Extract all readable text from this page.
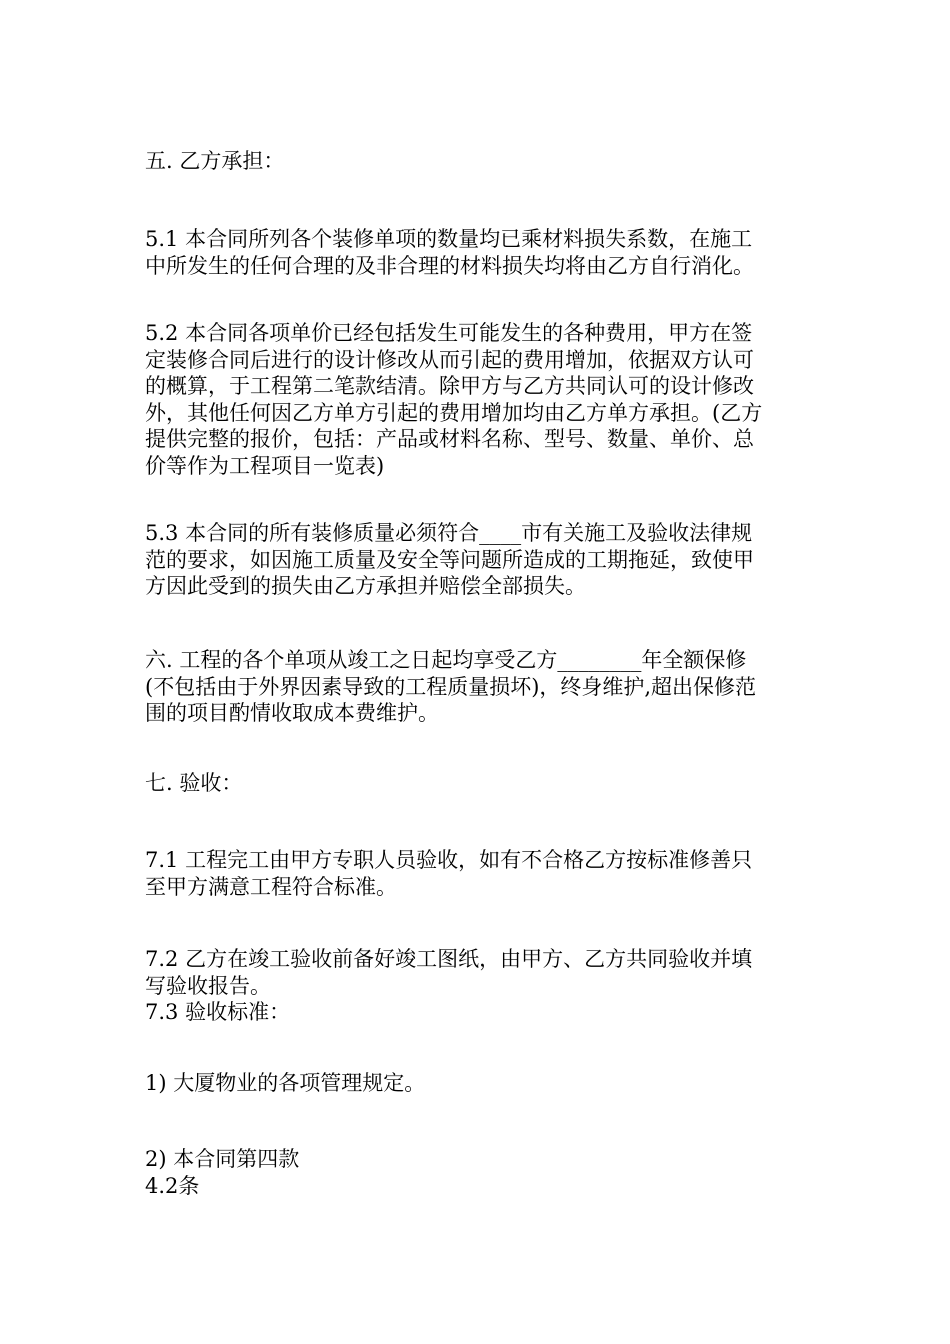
五. 乙方承担：

5.1 本合同所列各个装修单项的数量均已乘材料损失系数，在施工
中所发生的任何合理的及非合理的材料损失均将由乙方自行消化。

5.2 本合同各项单价已经包括发生可能发生的各种费用，甲方在签
定装修合同后进行的设计修改从而引起的费用增加，依据双方认可
的概算，于工程第二笔款结清。除甲方与乙方共同认可的设计修改
外，其他任何因乙方单方引起的费用增加均由乙方单方承担。(乙方
提供完整的报价，包括：产品或材料名称、型号、数量、单价、总
价等作为工程项目一览表)

5.3 本合同的所有装修质量必须符合____市有关施工及验收法律规
范的要求，如因施工质量及安全等问题所造成的工期拖延，致使甲
方因此受到的损失由乙方承担并赔偿全部损失。

六. 工程的各个单项从竣工之日起均享受乙方________年全额保修
(不包括由于外界因素导致的工程质量损坏)，终身维护,超出保修范
围的项目酌情收取成本费维护。

七. 验收：

7.1 工程完工由甲方专职人员验收，如有不合格乙方按标准修善只
至甲方满意工程符合标准。

7.2 乙方在竣工验收前备好竣工图纸，由甲方、乙方共同验收并填
写验收报告。
7.3 验收标准：

1) 大厦物业的各项管理规定。

2) 本合同第四款
4.2条
